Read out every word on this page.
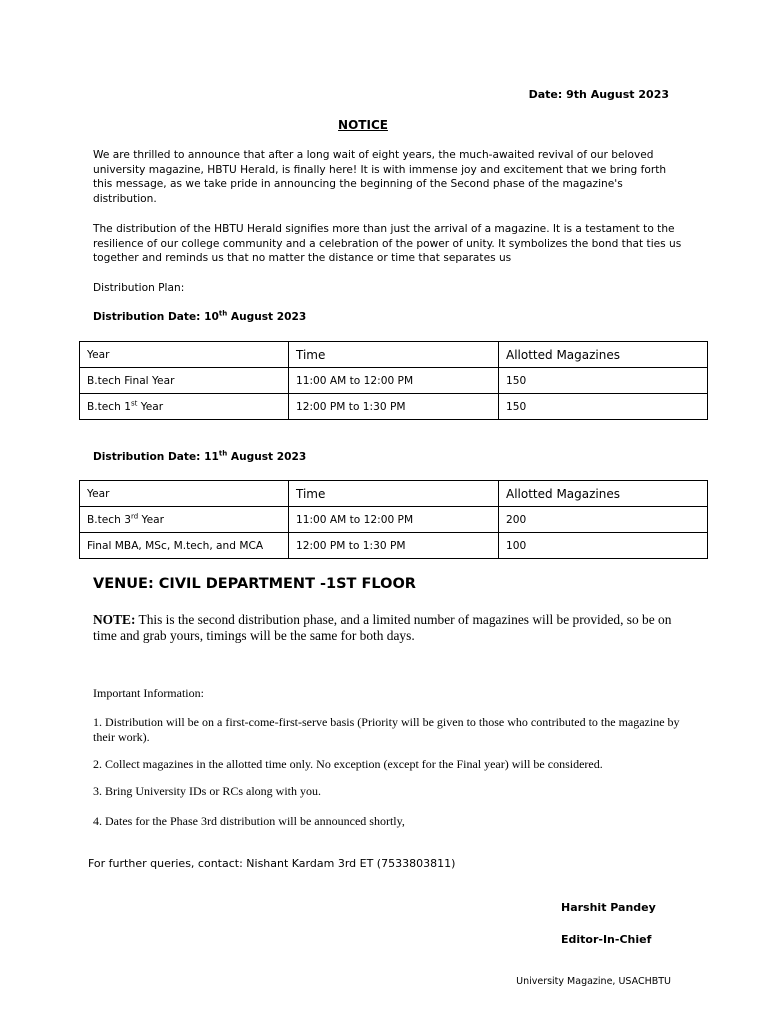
Date: 9th August 2023
NOTICE
We are thrilled to announce that after a long wait of eight years, the much-awaited revival of our beloved university magazine, HBTU Herald, is finally here! It is with immense joy and excitement that we bring forth this message, as we take pride in announcing the beginning of the Second phase of the magazine's distribution.
The distribution of the HBTU Herald signifies more than just the arrival of a magazine. It is a testament to the resilience of our college community and a celebration of the power of unity. It symbolizes the bond that ties us together and reminds us that no matter the distance or time that separates us
Distribution Plan:
Distribution Date: 10th August 2023
Year	Time	Allotted Magazines
B.tech Final Year	11:00 AM to 12:00 PM	150
B.tech 1st Year	12:00 PM to 1:30 PM	150
Distribution Date: 11th August 2023
Year	Time	Allotted Magazines
B.tech 3rd Year	11:00 AM to 12:00 PM	200
Final MBA, MSc, M.tech, and MCA	12:00 PM to 1:30 PM	100
VENUE: CIVIL DEPARTMENT -1ST FLOOR
NOTE: This is the second distribution phase, and a limited number of magazines will be provided, so be on time and grab yours, timings will be the same for both days.
Important Information:
1. Distribution will be on a first-come-first-serve basis (Priority will be given to those who contributed to the magazine by their work).
2. Collect magazines in the allotted time only. No exception (except for the Final year) will be considered.
3. Bring University IDs or RCs along with you.
4. Dates for the Phase 3rd distribution will be announced shortly,
For further queries, contact: Nishant Kardam 3rd ET (7533803811)
Harshit Pandey
Editor-In-Chief
University Magazine, USACHBTU
